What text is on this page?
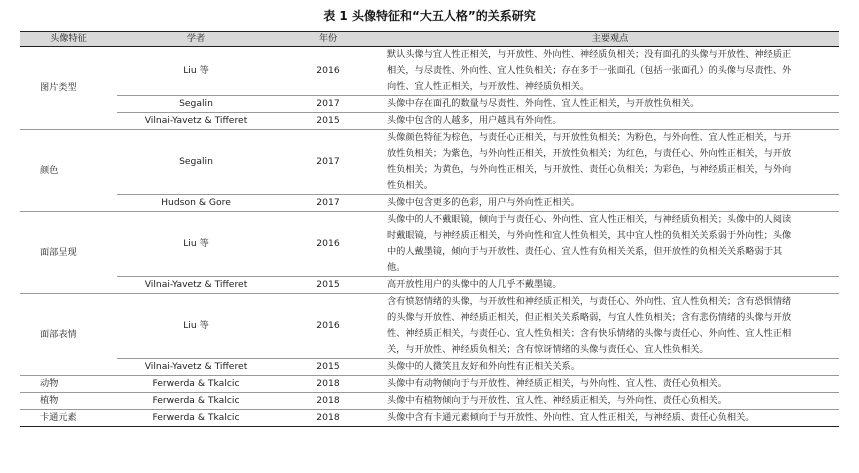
表 1 头像特征和“大五人格”的关系研究
头像特征	学者	年份	主要观点
图片类型	Liu 等	2016	默认头像与宜人性正相关，与开放性、外向性、神经质负相关；没有面孔的头像与开放性、神经质正相关，与尽责性、外向性、宜人性负相关；存在多于一张面孔（包括一张面孔）的头像与尽责性、外向性、宜人性正相关，与开放性、神经质负相关。
	Segalin	2017	头像中存在面孔的数量与尽责性、外向性、宜人性正相关，与开放性负相关。
	Vilnai-Yavetz & Tifferet	2015	头像中包含的人越多，用户越具有外向性。
颜色	Segalin	2017	头像颜色特征为棕色，与责任心正相关，与开放性负相关；为粉色，与外向性、宜人性正相关，与开放性负相关；为紫色，与外向性正相关，开放性负相关；为红色，与责任心、外向性正相关，与开放性负相关；为黄色，与外向性正相关，与开放性、责任心负相关；为彩色，与神经质正相关，与外向性负相关。
	Hudson & Gore	2017	头像中包含更多的色彩，用户与外向性正相关。
面部呈现	Liu 等	2016	头像中的人不戴眼镜，倾向于与责任心、外向性、宜人性正相关，与神经质负相关；头像中的人阅读时戴眼镜，与神经质正相关，与外向性和宜人性负相关，其中宜人性的负相关关系弱于外向性；头像中的人戴墨镜，倾向于与开放性、责任心、宜人性有负相关关系，但开放性的负相关关系略弱于其他。
	Vilnai-Yavetz & Tifferet	2015	高开放性用户的头像中的人几乎不戴墨镜。
面部表情	Liu 等	2016	含有愤怒情绪的头像，与开放性和神经质正相关，与责任心、外向性、宜人性负相关；含有恐惧情绪的头像与开放性、神经质正相关，但正相关关系略弱，与宜人性负相关；含有悲伤情绪的头像与开放性、神经质正相关，与责任心、宜人性负相关；含有快乐情绪的头像与责任心、外向性、宜人性正相关，与开放性、神经质负相关；含有惊讶情绪的头像与责任心、宜人性负相关。
	Vilnai-Yavetz & Tifferet	2015	头像中的人微笑且友好和外向性有正相关关系。
动物	Ferwerda & Tkalcic	2018	头像中有动物倾向于与开放性、神经质正相关，与外向性、宜人性、责任心负相关。
植物	Ferwerda & Tkalcic	2018	头像中有植物倾向于与开放性、宜人性、神经质正相关，与外向性、责任心负相关。
卡通元素	Ferwerda & Tkalcic	2018	头像中含有卡通元素倾向于与开放性、外向性、宜人性正相关，与神经质、责任心负相关。
